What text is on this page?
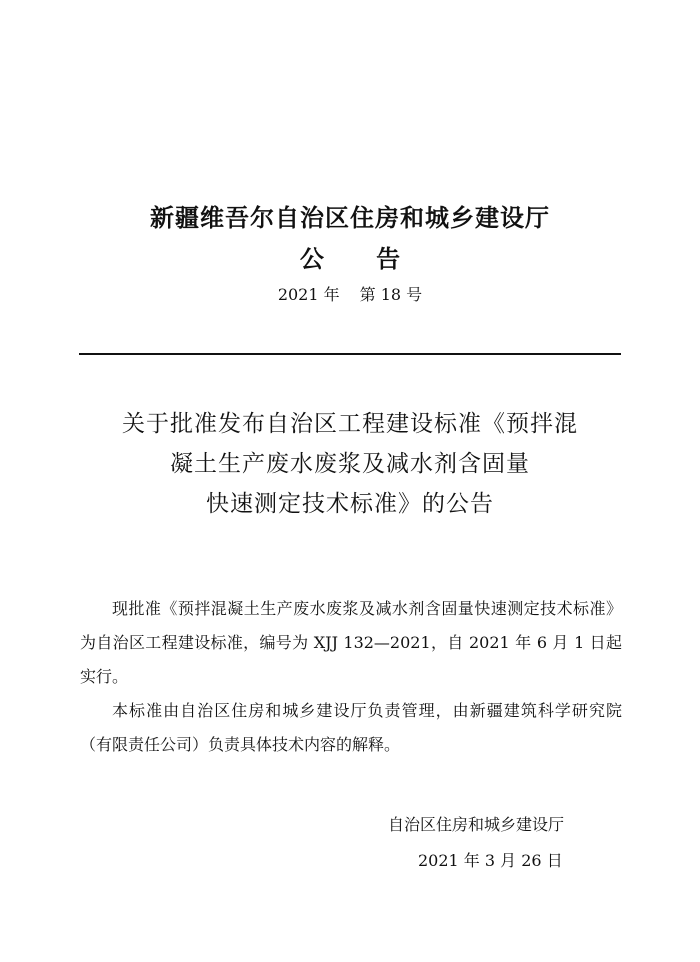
新疆维吾尔自治区住房和城乡建设厅
公 告
2021 年 第 18 号
关于批准发布自治区工程建设标准《预拌混
凝土生产废水废浆及减水剂含固量
快速测定技术标准》的公告

现批准《预拌混凝土生产废水废浆及减水剂含固量快速测定技术标准》为自治区工程建设标准，编号为 XJJ 132—2021，自 2021 年 6 月 1 日起实行。

本标准由自治区住房和城乡建设厅负责管理，由新疆建筑科学研究院（有限责任公司）负责具体技术内容的解释。

自治区住房和城乡建设厅
2021 年 3 月 26 日
